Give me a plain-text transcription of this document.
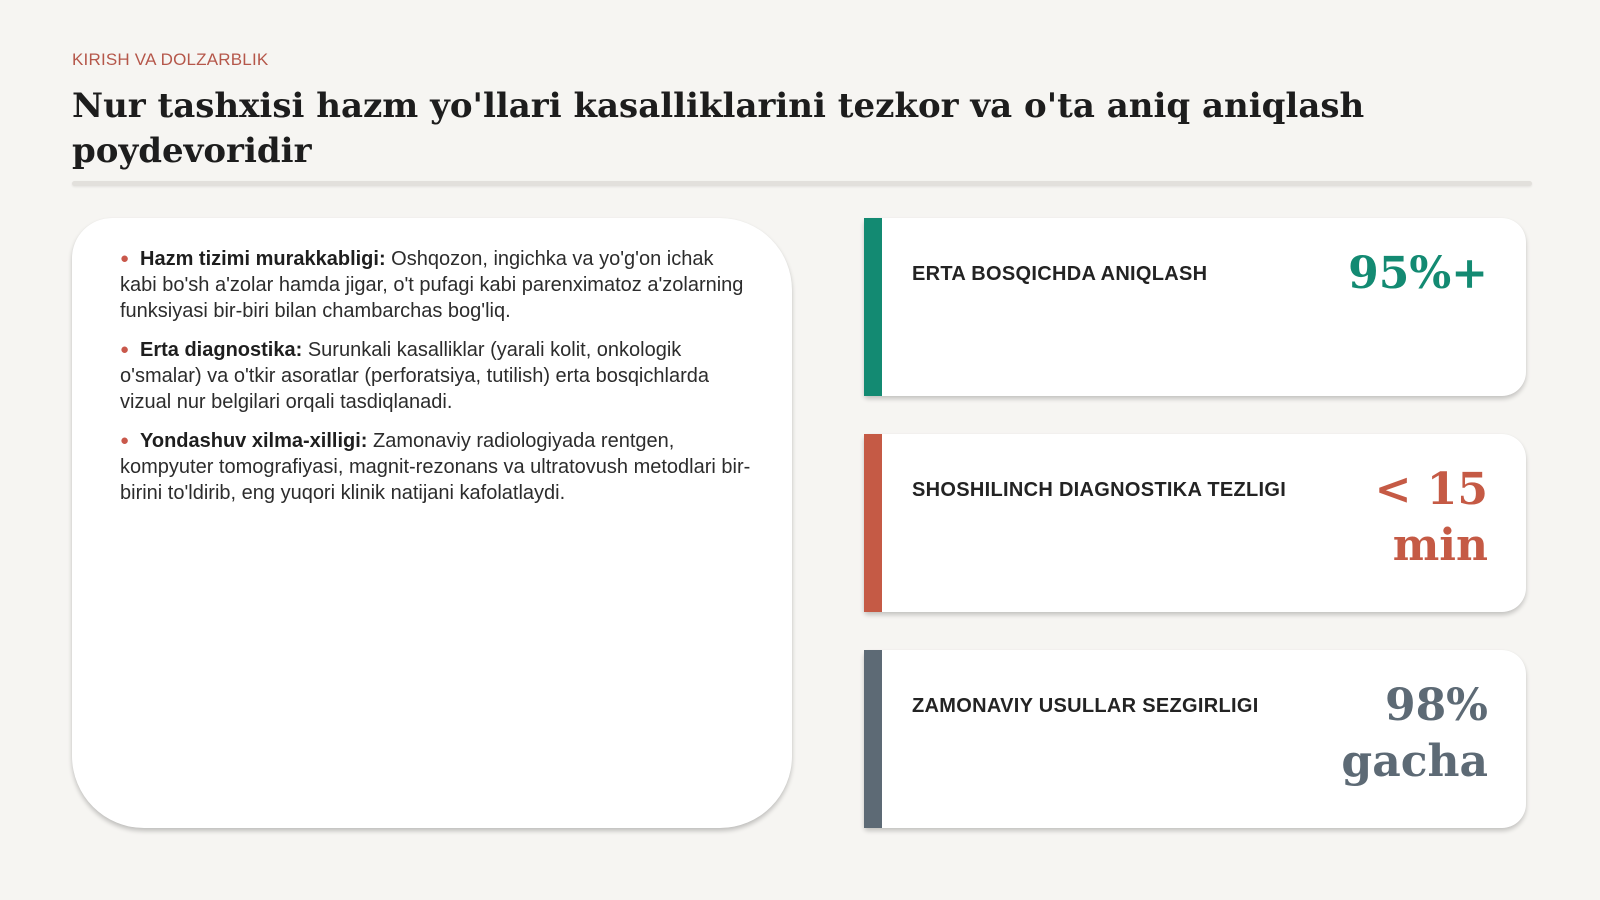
KIRISH VA DOLZARBLIK
Nur tashxisi hazm yo'llari kasalliklarini tezkor va o'ta aniq aniqlash poydevoridir
● Hazm tizimi murakkabligi: Oshqozon, ingichka va yo'g'on ichak kabi bo'sh a'zolar hamda jigar, o't pufagi kabi parenximatoz a'zolarning funksiyasi bir-biri bilan chambarchas bog'liq.
● Erta diagnostika: Surunkali kasalliklar (yarali kolit, onkologik o'smalar) va o'tkir asoratlar (perforatsiya, tutilish) erta bosqichlarda vizual nur belgilari orqali tasdiqlanadi.
● Yondashuv xilma-xilligi: Zamonaviy radiologiyada rentgen, kompyuter tomografiyasi, magnit-rezonans va ultratovush metodlari bir-birini to'ldirib, eng yuqori klinik natijani kafolatlaydi.
ERTA BOSQICHDA ANIQLASH	95%+
SHOSHILINCH DIAGNOSTIKA TEZLIGI	< 15 min
ZAMONAVIY USULLAR SEZGIRLIGI	98% gacha
